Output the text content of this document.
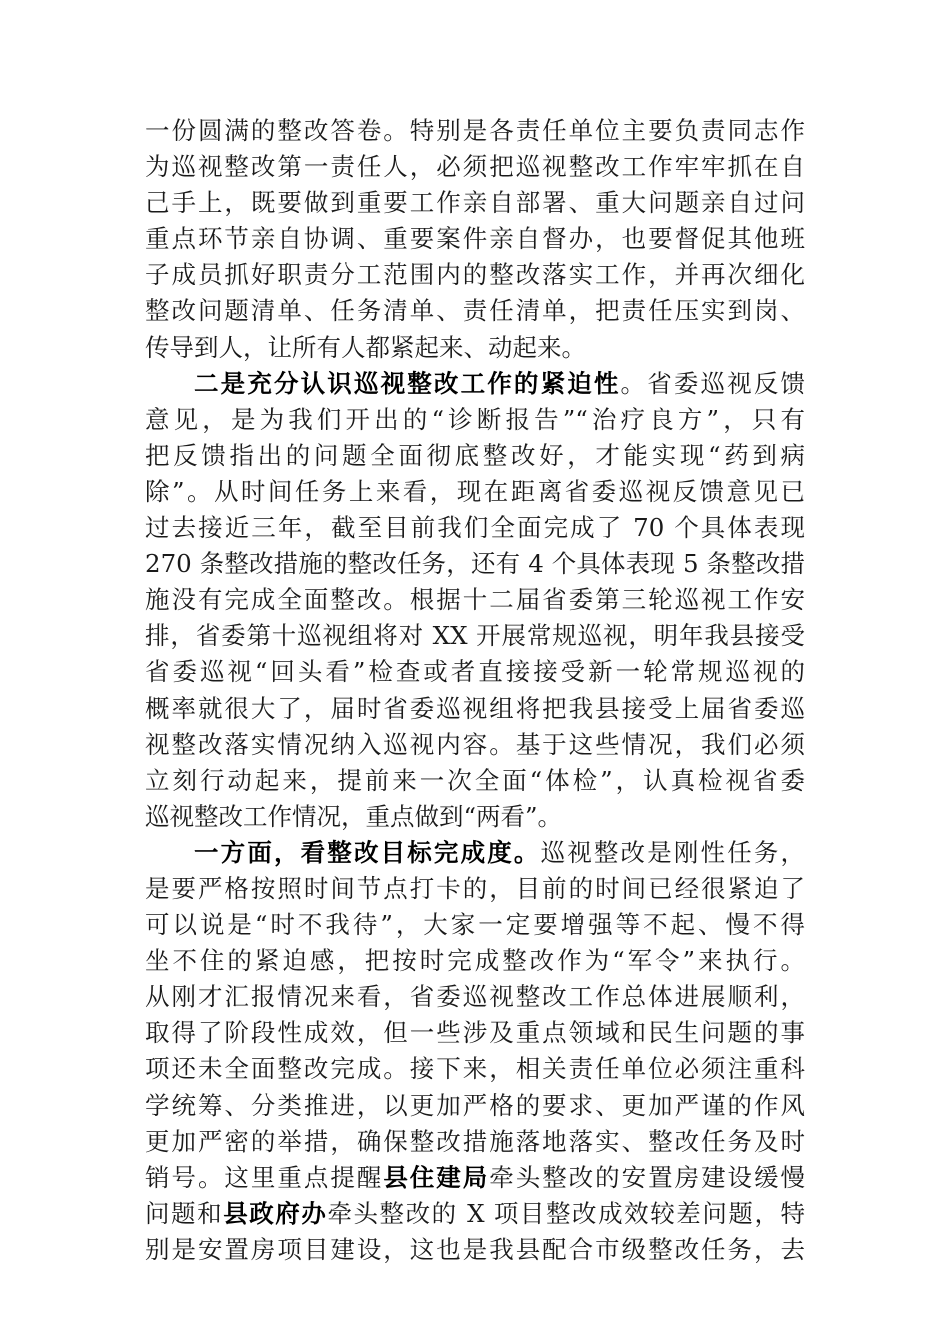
一份圆满的整改答卷。特别是各责任单位主要负责同志作
为巡视整改第一责任人，必须把巡视整改工作牢牢抓在自
己手上，既要做到重要工作亲自部署、重大问题亲自过问
重点环节亲自协调、重要案件亲自督办，也要督促其他班
子成员抓好职责分工范围内的整改落实工作，并再次细化
整改问题清单、任务清单、责任清单，把责任压实到岗、
传导到人，让所有人都紧起来、动起来。
二是充分认识巡视整改工作的紧迫性。省委巡视反馈
意见，是为我们开出的“诊断报告”“治疗良方”，只有
把反馈指出的问题全面彻底整改好，才能实现“药到病
除”。从时间任务上来看，现在距离省委巡视反馈意见已
过去接近三年，截至目前我们全面完成了 70 个具体表现
270 条整改措施的整改任务，还有 4 个具体表现 5 条整改措
施没有完成全面整改。根据十二届省委第三轮巡视工作安
排，省委第十巡视组将对 XX 开展常规巡视，明年我县接受
省委巡视“回头看”检查或者直接接受新一轮常规巡视的
概率就很大了，届时省委巡视组将把我县接受上届省委巡
视整改落实情况纳入巡视内容。基于这些情况，我们必须
立刻行动起来，提前来一次全面“体检”，认真检视省委
巡视整改工作情况，重点做到“两看”。
一方面，看整改目标完成度。巡视整改是刚性任务，
是要严格按照时间节点打卡的，目前的时间已经很紧迫了
可以说是“时不我待”，大家一定要增强等不起、慢不得
坐不住的紧迫感，把按时完成整改作为“军令”来执行。
从刚才汇报情况来看，省委巡视整改工作总体进展顺利，
取得了阶段性成效，但一些涉及重点领域和民生问题的事
项还未全面整改完成。接下来，相关责任单位必须注重科
学统筹、分类推进，以更加严格的要求、更加严谨的作风
更加严密的举措，确保整改措施落地落实、整改任务及时
销号。这里重点提醒县住建局牵头整改的安置房建设缓慢
问题和县政府办牵头整改的 X 项目整改成效较差问题，特
别是安置房项目建设，这也是我县配合市级整改任务，去
